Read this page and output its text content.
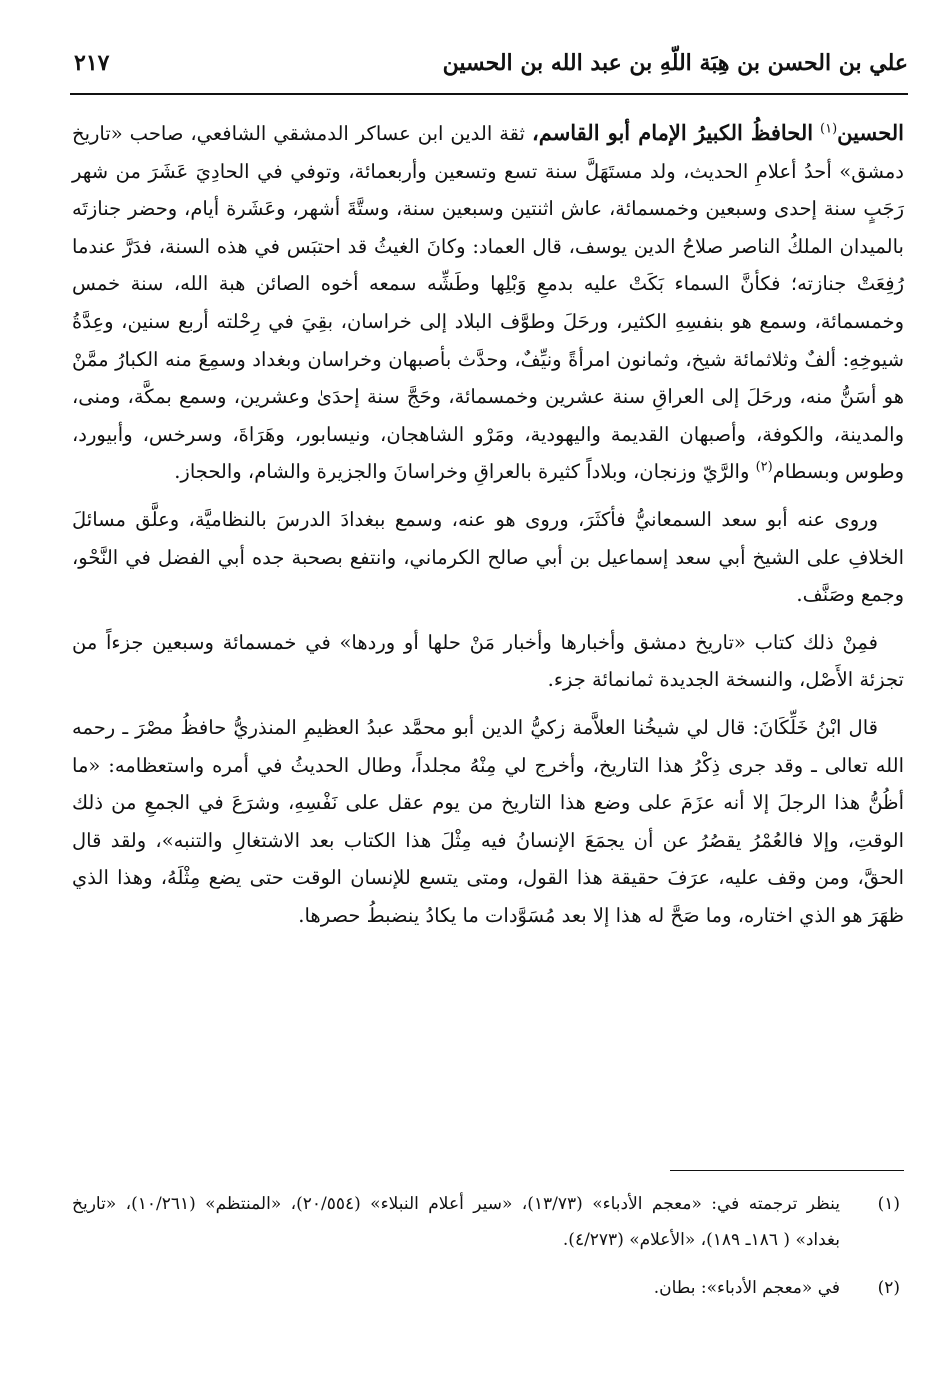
علي بن الحسن بن هِبَة اللّهِ بن عبد الله بن الحسين
٢١٧

الحسين$^{(١)}$ الحافظُ الكبيرُ الإمام أبو القاسم، ثقة الدين ابن عساكر الدمشقي الشافعي، صاحب «تاريخ دمشق» أحدُ أعلامِ الحديث، ولد مستَهَلَّ سنة تسع وتسعين وأربعمائة، وتوفي في الحادِيَ عَشَرَ من شهر رَجَبٍ سنة إحدى وسبعين وخمسمائة، عاش اثنتين وسبعين سنة، وستَّةَ أشهر، وعَشَرة أيام، وحضر جنازتَه بالميدان الملكُ الناصر صلاحُ الدين يوسف، قال العماد: وكانَ الغيثُ قد احتبَس في هذه السنة، فدَرَّ عندما رُفِعَتْ جنازته؛ فكأنَّ السماء بَكَتْ عليه بدمعِ وَبْلِها وطَشِّه سمعه أخوه الصائن هبة الله، سنة خمس وخمسمائة، وسمع هو بنفسِهِ الكثير، ورحَلَ وطوَّف البلاد إلى خراسان، بقِيَ في رِحْلته أربع سنين، وعِدَّةُ شيوخِهِ: ألفٌ وثلاثمائة شيخ، وثمانون امرأةً ونيِّفٌ، وحدَّث بأصبهان وخراسان وبغداد وسمِعَ منه الكبارُ ممَّنْ هو أسَنُّ منه، ورحَلَ إلى العراقِ سنة عشرين وخمسمائة، وحَجَّ سنة إحدَىٰ وعشرين، وسمع بمكَّة، ومنى، والمدينة، والكوفة، وأصبهان القديمة واليهودية، ومَرْو الشاهجان، ونيسابور، وهَرَاةَ، وسرخس، وأبيورد، وطوس وبسطام$^{(٢)}$ والرَّيّ وزنجان، وبلاداً كثيرة بالعراقِ وخراسانَ والجزيرة والشام، والحجاز.

وروى عنه أبو سعد السمعانيُّ فأكثَرَ، وروى هو عنه، وسمع ببغدادَ الدرسَ بالنظاميَّة، وعلَّق مسائلَ الخلافِ على الشيخ أبي سعد إسماعيل بن أبي صالح الكرماني، وانتفع بصحبة جده أبي الفضل في النَّحْو، وجمع وصَنَّف.

فمِنْ ذلك كتاب «تاريخ دمشق وأخبارها وأخبار مَنْ حلها أو وردها» في خمسمائة وسبعين جزءاً من تجزئة الأَصْل، والنسخة الجديدة ثمانمائة جزء.

قال ابْنُ خَلِّكَانَ: قال لي شيخُنا العلاَّمة زكيُّ الدين أبو محمَّد عبدُ العظيمِ المنذريُّ حافظُ مصْرَ ـ رحمه الله تعالى ـ وقد جرى ذِكْرُ هذا التاريخ، وأخرج لي مِنْهُ مجلداً، وطال الحديثُ في أمره واستعظامه: «ما أظُنُّ هذا الرجلَ إلا أنه عزَمَ على وضع هذا التاريخ من يوم عقل على نَفْسِهِ، وشرَعَ في الجمعِ من ذلك الوقتِ، وإلا فالعُمْرُ يقصُرُ عن أن يجمَعَ الإنسانُ فيه مِثْلَ هذا الكتاب بعد الاشتغالِ والتنبه»، ولقد قال الحقَّ، ومن وقف عليه، عرَفَ حقيقة هذا القول، ومتى يتسع للإنسان الوقت حتى يضع مِثْلَهُ، وهذا الذي ظهَرَ هو الذي اختاره، وما صَحَّ له هذا إلا بعد مُسَوَّدات ما يكادُ ينضبطُ حصرها.

(١)

ينظر ترجمته في: «معجم الأدباء» (١٣/٧٣)، «سير أعلام النبلاء» (٢٠/٥٥٤)، «المنتظم» (١٠/٢٦١)، «تاريخ بغداد» ( ١٨٦ـ ١٨٩)، «الأعلام» (٤/٢٧٣).

(٢)

في «معجم الأدباء»: بطان.
